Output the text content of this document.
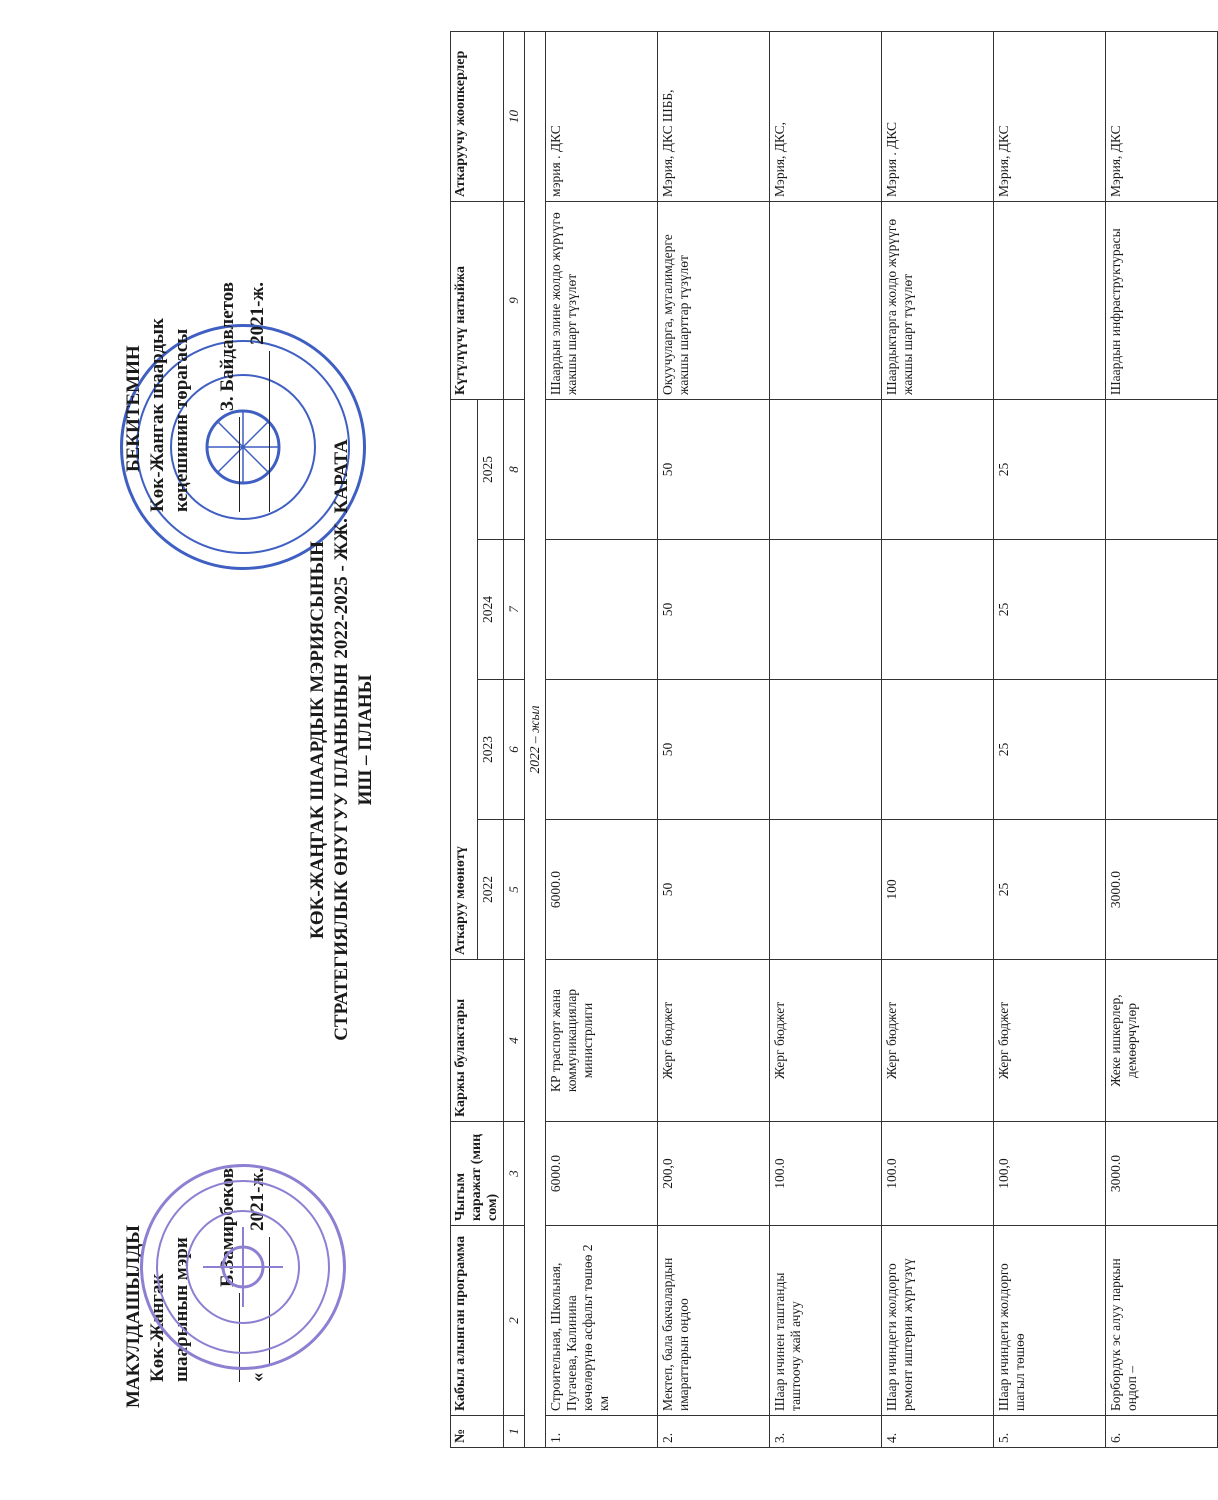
МАКУЛДАШЫЛДЫ Көк-Жангак шаарынын мэри
Б.Замирбеков
«
2021-ж.
БЕКИТЕМИН Көк-Жангак шаардык кеңешинин төрагасы З. Байдавлетов 2021-ж.
КӨК-ЖАҢГАК ШААРДЫК МЭРИЯСЫНЫН СТРАТЕГИЯЛЫК ӨНУГУУ ПЛАНЫНЫН 2022-2025 - ЖЖ. КАРАТА ИШ – ПЛАНЫ
№	Кабыл алынган программа	Чыгым каражат (миң сом)	Каржы булактары	Аткаруу мөөнөтү				Күтүлүүчү натыйжа	Аткаруучу жоопкерлер
				2022	2023	2024	2025		
1	2	3	4	5	6	7	8	9	10
2022 – жыл									
1.	Строительная, Школьная, Пугачева, Калинина көчөлөрүнө асфальт төшөө 2 км	6000.0	КР траспорт жана коммуникациялар министрлиги	6000.0				Шаардын элине жолдо жүрүүгө жакшы шарт түзүлөт	мэрия . ДКС
2.	Мектеп, бала бакчалардын имараттарын оңдоо	200,0	Жерг бюджет	50	50	50	50	Окуучуларга, мугалимдерге жакшы шарттар түзүлөт	Мэрия, ДКС ШББ,
3.	Шаар ичинен таштанды таштоочу жай ачуу	100.0	Жерг бюджет						Мэрия, ДКС,
4.	Шаар ичиндеги жолдорго ремонт иштерин жүргүзүү	100.0	Жерг бюджет	100				Шаардыктарга жолдо жүрүүгө жакшы шарт түзүлөт	Мэрия . ДКС
5.	Шаар ичиндеги жолдорго шагыл төшөө	100,0	Жерг бюджет	25	25	25	25		Мэрия, ДКС
6.	Борбордук эс алуу паркын оңдоп –	3000.0	Жеке ишкерлер, демөөрчүлөр	3000.0				Шаардын инфраструктурасы	Мэрия, ДКС
